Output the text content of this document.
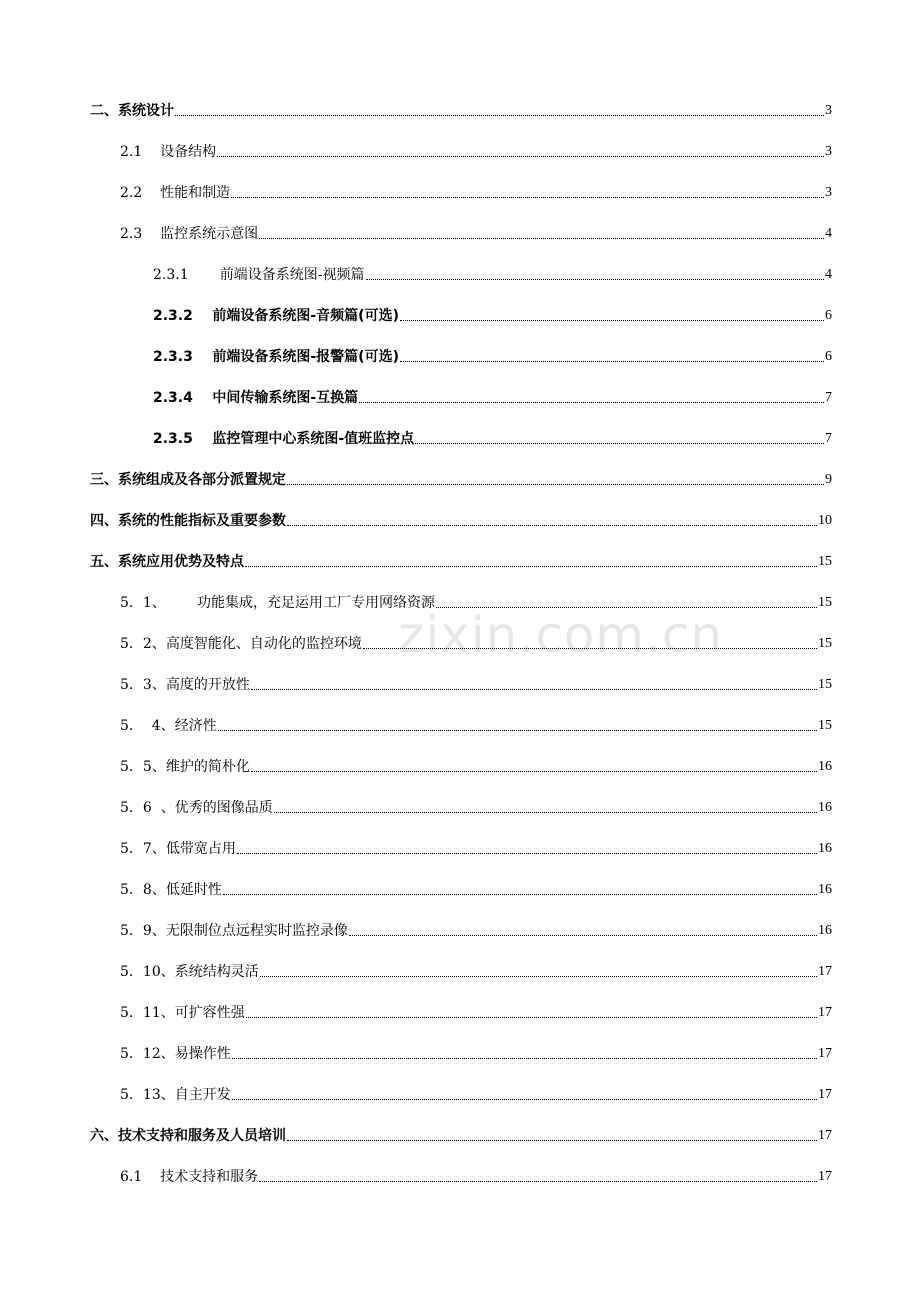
二、系统设计	3
2.1    设备结构	3
2.2    性能和制造	3
2.3    监控系统示意图	4
2.3.1       前端设备系统图-视频篇	4
2.3.2    前端设备系统图-音频篇(可选)	6
2.3.3    前端设备系统图-报警篇(可选)	6
2.3.4    中间传输系统图-互换篇	7
2.3.5    监控管理中心系统图-值班监控点	7
三、系统组成及各部分派置规定	9
四、系统的性能指标及重要参数	10
五、系统应用优势及特点	15
5．1、       功能集成，充足运用工厂专用网络资源	15
5．2、高度智能化、自动化的监控环境	15
5．3、高度的开放性	15
5．  4、经济性	15
5．5、维护的简朴化	16
5．6  、优秀的图像品质	16
5．7、低带宽占用	16
5．8、低延时性	16
5．9、无限制位点远程实时监控录像	16
5．10、系统结构灵活	17
5．11、可扩容性强	17
5．12、易操作性	17
5．13、自主开发	17
六、技术支持和服务及人员培训	17
6.1    技术支持和服务	17
zixin.com.cn
